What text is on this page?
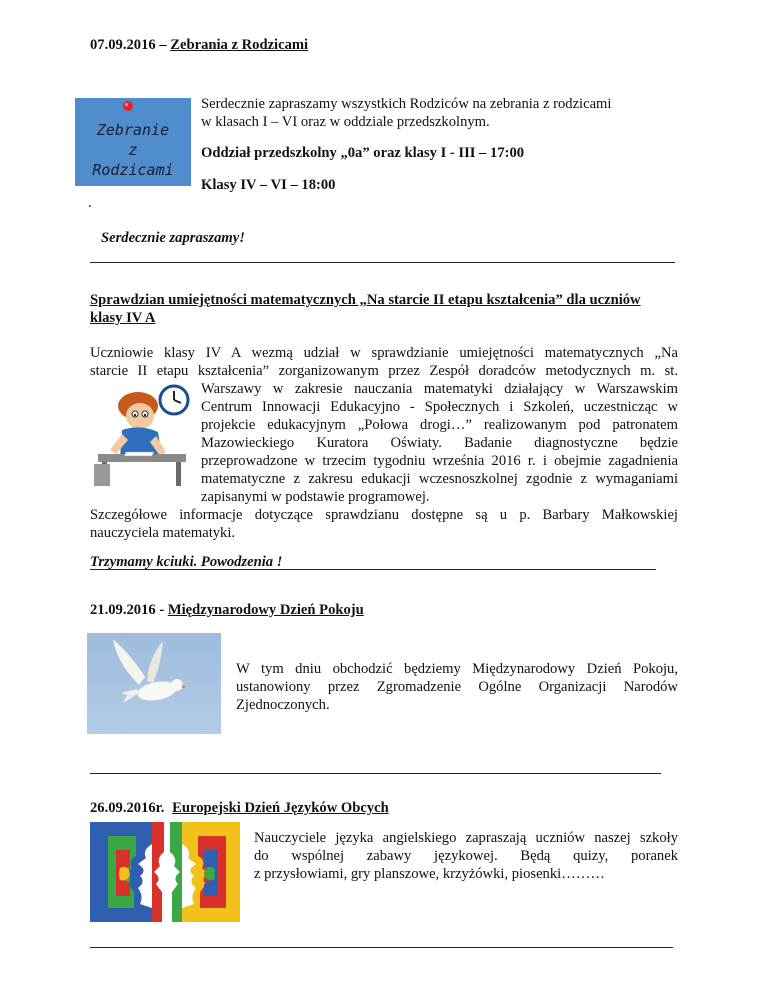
07.09.2016 – Zebrania z Rodzicami
Zebranie
z
Rodzicami

Serdecznie zapraszamy wszystkich Rodziców na zebrania z rodzicami

w klasach I – VI oraz w oddziale przedszkolnym.

Oddział przedszkolny „0a” oraz klasy I - III – 17:00

Klasy IV – VI – 18:00

.

Serdecznie zapraszamy!

Sprawdzian umiejętności matematycznych „Na starcie II etapu kształcenia” dla uczniów
klasy IV A

Uczniowie klasy IV A wezmą udział w sprawdzianie umiejętności matematycznych „Na

starcie II etapu kształcenia” zorganizowanym przez Zespół doradców metodycznych m. st.

Warszawy w zakresie nauczania matematyki działający w Warszawskim

Centrum Innowacji Edukacyjno - Społecznych i Szkoleń, uczestnicząc w

projekcie edukacyjnym „Połowa drogi…” realizowanym pod patronatem

Mazowieckiego Kuratora Oświaty. Badanie diagnostyczne będzie

przeprowadzone w trzecim tygodniu września 2016 r. i obejmie zagadnienia

matematyczne z zakresu edukacji wczesnoszkolnej zgodnie z wymaganiami

zapisanymi w podstawie programowej.

Szczegółowe informacje dotyczące sprawdzianu dostępne są u p. Barbary Małkowskiej

nauczyciela matematyki.

Trzymamy kciuki. Powodzenia !

21.09.2016 - Międzynarodowy Dzień Pokoju

W tym dniu obchodzić będziemy Międzynarodowy Dzień Pokoju,

ustanowiony przez Zgromadzenie Ogólne Organizacji Narodów

Zjednoczonych.

26.09.2016r. Europejski Dzień Języków Obcych

Nauczyciele języka angielskiego zapraszają uczniów naszej szkoły

do   wspólnej   zabawy   językowej.   Będą   quizy,   poranek

z przysłowiami, gry planszowe, krzyżówki, piosenki………
